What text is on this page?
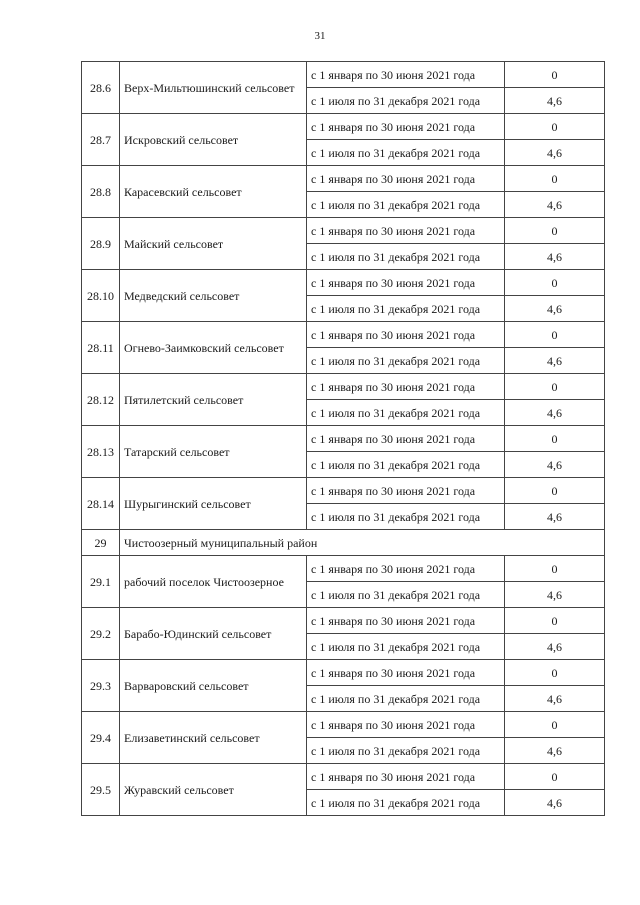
31
28.6	Верх-Мильтюшинский сельсовет	с 1 января по 30 июня 2021 года	0
		с 1 июля по 31 декабря 2021 года	4,6
28.7	Искровский сельсовет	с 1 января по 30 июня 2021 года	0
		с 1 июля по 31 декабря 2021 года	4,6
28.8	Карасевский сельсовет	с 1 января по 30 июня 2021 года	0
		с 1 июля по 31 декабря 2021 года	4,6
28.9	Майский сельсовет	с 1 января по 30 июня 2021 года	0
		с 1 июля по 31 декабря 2021 года	4,6
28.10	Медведский сельсовет	с 1 января по 30 июня 2021 года	0
		с 1 июля по 31 декабря 2021 года	4,6
28.11	Огнево-Заимковский сельсовет	с 1 января по 30 июня 2021 года	0
		с 1 июля по 31 декабря 2021 года	4,6
28.12	Пятилетский сельсовет	с 1 января по 30 июня 2021 года	0
		с 1 июля по 31 декабря 2021 года	4,6
28.13	Татарский сельсовет	с 1 января по 30 июня 2021 года	0
		с 1 июля по 31 декабря 2021 года	4,6
28.14	Шурыгинский сельсовет	с 1 января по 30 июня 2021 года	0
		с 1 июля по 31 декабря 2021 года	4,6
29	Чистоозерный муниципальный район		
29.1	рабочий поселок Чистоозерное	с 1 января по 30 июня 2021 года	0
		с 1 июля по 31 декабря 2021 года	4,6
29.2	Барабо-Юдинский сельсовет	с 1 января по 30 июня 2021 года	0
		с 1 июля по 31 декабря 2021 года	4,6
29.3	Варваровский сельсовет	с 1 января по 30 июня 2021 года	0
		с 1 июля по 31 декабря 2021 года	4,6
29.4	Елизаветинский сельсовет	с 1 января по 30 июня 2021 года	0
		с 1 июля по 31 декабря 2021 года	4,6
29.5	Журавский сельсовет	с 1 января по 30 июня 2021 года	0
		с 1 июля по 31 декабря 2021 года	4,6
